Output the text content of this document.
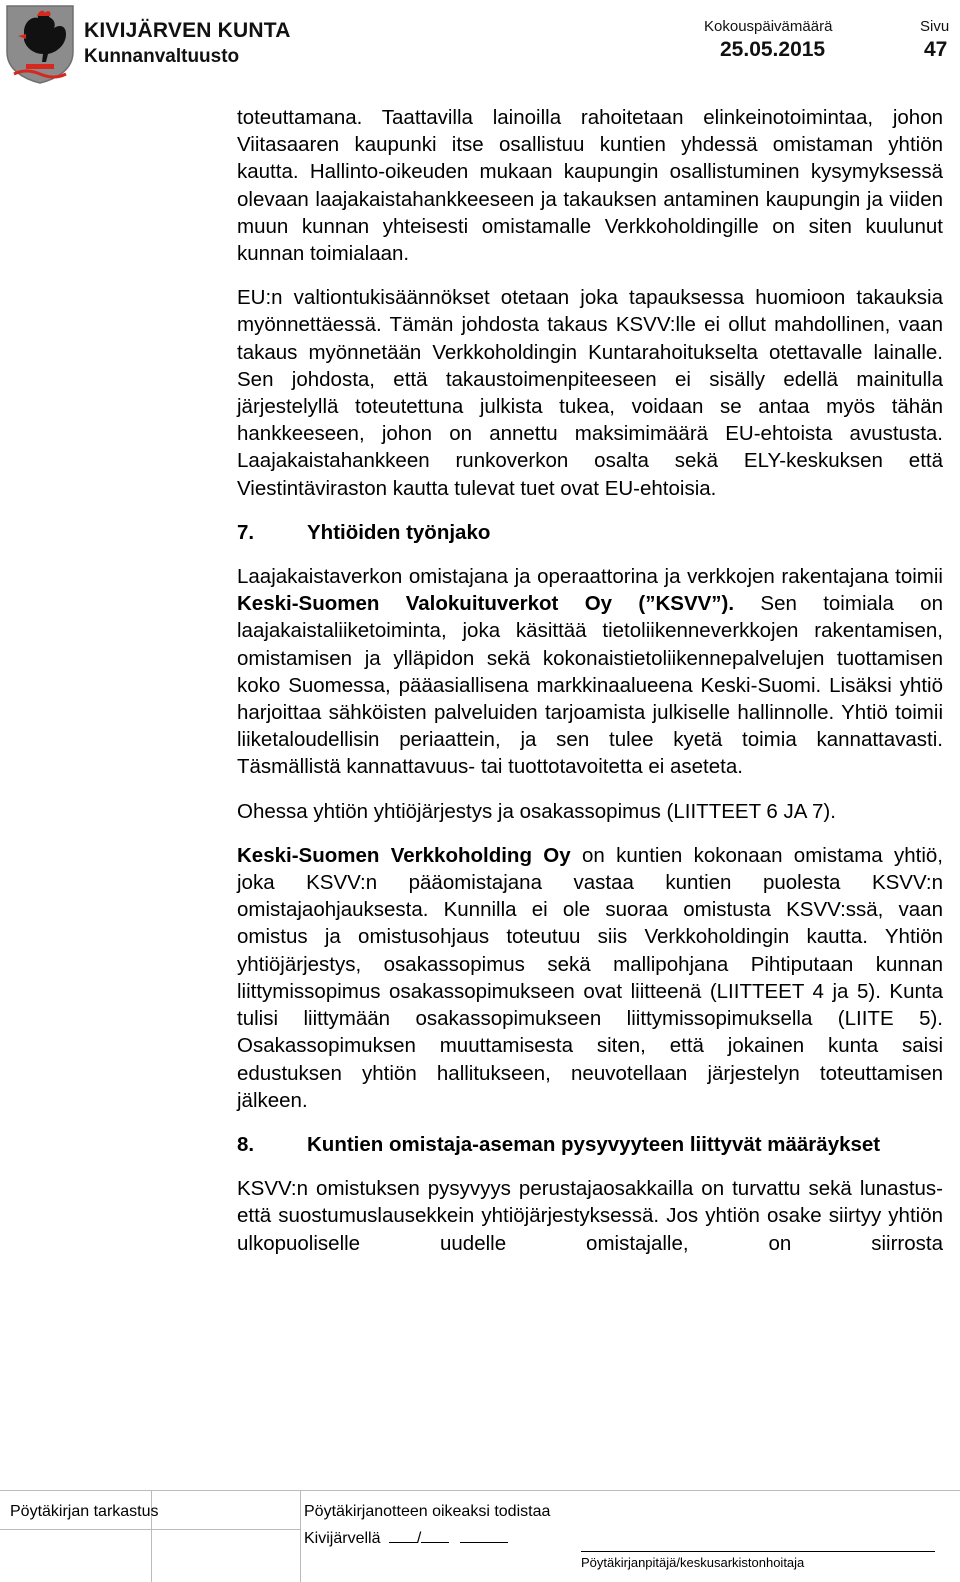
KIVIJÄRVEN KUNTA
Kunnanvaltuusto
Kokouspäivämäärä
25.05.2015
Sivu
47

toteuttamana. Taattavilla lainoilla rahoitetaan elinkeinotoimintaa, johon Viitasaaren kaupunki itse osallistuu kuntien yhdessä omistaman yhtiön kautta. Hallinto-oikeuden mukaan kaupungin osallistuminen kysymyksessä olevaan laajakaistahankkeeseen ja takauksen antaminen kaupungin ja viiden muun kunnan yhteisesti omistamalle Verkkoholdingille on siten kuulunut kunnan toimialaan.

EU:n valtiontukisäännökset otetaan joka tapauksessa huomioon takauksia myönnettäessä. Tämän johdosta takaus KSVV:lle ei ollut mahdollinen, vaan takaus myönnetään Verkkoholdingin Kuntarahoitukselta otettavalle lainalle. Sen johdosta, että takaustoimenpiteeseen ei sisälly edellä mainitulla järjestelyllä toteutettuna julkista tukea, voidaan se antaa myös tähän hankkeeseen, johon on annettu maksimimäärä EU-ehtoista avustusta. Laajakaistahankkeen runkoverkon osalta sekä ELY-keskuksen että Viestintäviraston kautta tulevat tuet ovat EU-ehtoisia.

7.	Yhtiöiden työnjako

Laajakaistaverkon omistajana ja operaattorina ja verkkojen rakentajana toimii Keski-Suomen Valokuituverkot Oy (”KSVV”). Sen toimiala on laajakaistaliiketoiminta, joka käsittää tietoliikenneverkkojen rakentamisen, omistamisen ja ylläpidon sekä kokonaistietoliikennepalvelujen tuottamisen koko Suomessa, pääasiallisena markkinaalueena Keski-Suomi. Lisäksi yhtiö harjoittaa sähköisten palveluiden tarjoamista julkiselle hallinnolle. Yhtiö toimii liiketaloudellisin periaattein, ja sen tulee kyetä toimia kannattavasti. Täsmällistä kannattavuus- tai tuottotavoitetta ei aseteta.

Ohessa yhtiön yhtiöjärjestys ja osakassopimus (LIITTEET 6 JA 7).

Keski-Suomen Verkkoholding Oy on kuntien kokonaan omistama yhtiö, joka KSVV:n pääomistajana vastaa kuntien puolesta KSVV:n omistajaohjauksesta. Kunnilla ei ole suoraa omistusta KSVV:ssä, vaan omistus ja omistusohjaus toteutuu siis Verkkoholdingin kautta. Yhtiön yhtiöjärjestys, osakassopimus sekä mallipohjana Pihtiputaan kunnan liittymissopimus osakassopimukseen ovat liitteenä (LIITTEET 4 ja 5). Kunta tulisi liittymään osakassopimukseen liittymissopimuksella (LIITE 5). Osakassopimuksen muuttamisesta siten, että jokainen kunta saisi edustuksen yhtiön hallitukseen, neuvotellaan järjestelyn toteuttamisen jälkeen.

8.	Kuntien omistaja-aseman pysyvyyteen liittyvät määräykset

KSVV:n omistuksen pysyvyys perustajaosakkailla on turvattu sekä lunastus- että suostumuslausekkein yhtiöjärjestyksessä. Jos yhtiön osake siirtyy yhtiön ulkopuoliselle uudelle omistajalle, on siirrosta

Pöytäkirjan tarkastus	Pöytäkirjanotteen oikeaksi todistaa
Kivijärvellä /
Pöytäkirjanpitäjä/keskusarkistonhoitaja
